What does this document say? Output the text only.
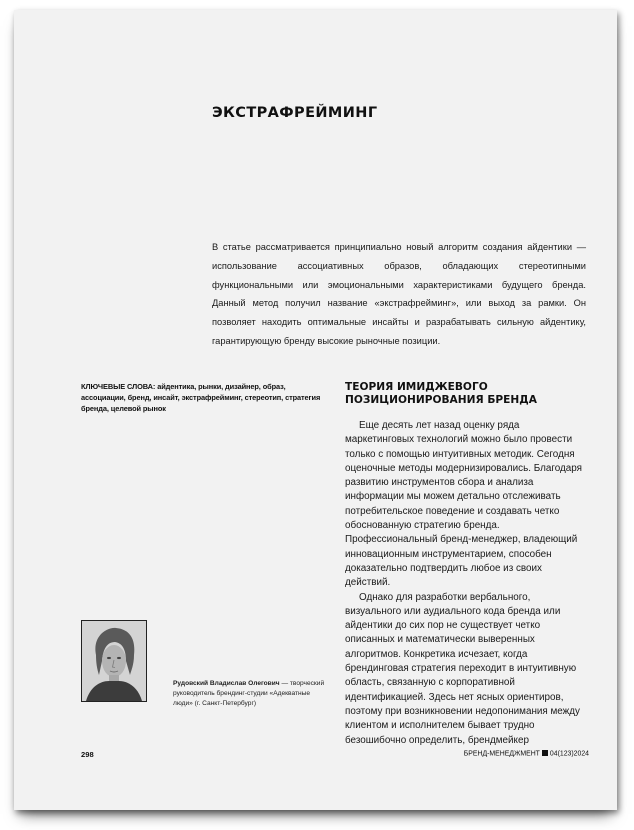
ЭКСТРАФРЕЙМИНГ

В статье рассматривается принципиально новый алгоритм создания айдентики — использование ассоциативных образов, обладающих стереотипными функциональными или эмоциональными характеристиками будущего бренда. Данный метод получил название «экстрафрейминг», или выход за рамки. Он позволяет находить оптимальные инсайты и разрабатывать сильную айдентику, гарантирующую бренду высокие рыночные позиции.

КЛЮЧЕВЫЕ СЛОВА: айдентика, рынки, дизайнер, образ, ассоциации, бренд, инсайт, экстрафрейминг, стереотип, стратегия бренда, целевой рынок

Рудовский Владислав Олегович — творческий руководитель брендинг-студии «Адекватные люди» (г. Санкт-Петербург)

ТЕОРИЯ ИМИДЖЕВОГО ПОЗИЦИОНИРОВАНИЯ БРЕНДА

Еще десять лет назад оценку ряда маркетинговых технологий можно было провести только с помощью интуитивных методик. Сегодня оценочные методы модернизировались. Благодаря развитию инструментов сбора и анализа информации мы можем детально отслеживать потребительское поведение и создавать четко обоснованную стратегию бренда. Профессиональный бренд-менеджер, владеющий инновационным инструментарием, способен доказательно подтвердить любое из своих действий.

Однако для разработки вербального, визуального или аудиального кода бренда или айдентики до сих пор не существует четко описанных и математически выверенных алгоритмов. Конкретика исчезает, когда брендинговая стратегия переходит в интуитивную область, связанную с корпоративной идентификацией. Здесь нет ясных ориентиров, поэтому при возникновении недопонимания между клиентом и исполнителем бывает трудно безошибочно определить, брендмейкер

298	БРЕНД-МЕНЕДЖМЕНТ 04(123)2024
